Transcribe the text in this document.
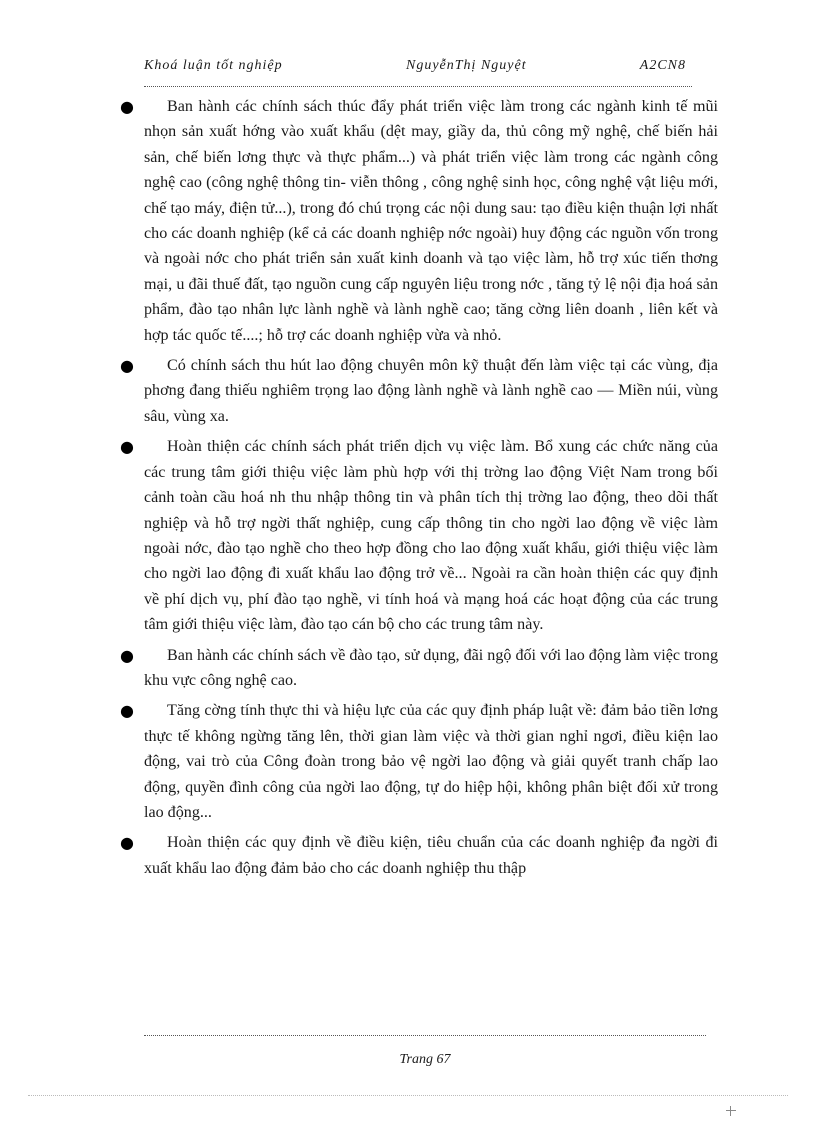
Khoá luận tốt nghiệp	NguyễnThị Nguyệt	A2CN8
●	Ban hành các chính sách thúc đẩy phát triển việc làm trong các ngành kinh tế mũi nhọn sản xuất hớng vào xuất khẩu (dệt may, giầy da, thủ công mỹ nghệ, chế biến hải sản, chế biến lơng thực và thực phẩm...) và phát triển việc làm trong các ngành công nghệ cao (công nghệ thông tin- viễn thông , công nghệ sinh học, công nghệ vật liệu mới, chế tạo máy, điện tử...), trong đó chú trọng các nội dung sau: tạo điều kiện thuận lợi nhất cho các doanh nghiệp (kể cả các doanh nghiệp nớc ngoài) huy động các nguồn vốn trong và ngoài nớc cho phát triển sản xuất kinh doanh và tạo việc làm, hỗ trợ xúc tiến thơng mại, u đãi thuế đất, tạo nguồn cung cấp nguyên liệu trong nớc , tăng tỷ lệ nội địa hoá sản phẩm, đào tạo nhân lực lành nghề và lành nghề cao; tăng cờng liên doanh , liên kết và hợp tác quốc tế....; hỗ trợ các doanh nghiệp vừa và nhỏ.

●	Có chính sách thu hút lao động chuyên môn kỹ thuật đến làm việc tại các vùng, địa phơng đang thiếu nghiêm trọng lao động lành nghề và lành nghề cao — Miền núi, vùng sâu, vùng xa.

●	Hoàn thiện các chính sách phát triển dịch vụ việc làm. Bổ xung các chức năng của các trung tâm giới thiệu việc làm phù hợp với thị trờng lao động Việt Nam trong bối cảnh toàn cầu hoá nh thu nhập thông tin và phân tích thị trờng lao động, theo dõi thất nghiệp và hỗ trợ ngời thất nghiệp, cung cấp thông tin cho ngời lao động về việc làm ngoài nớc, đào tạo nghề cho theo hợp đồng cho lao động xuất khẩu, giới thiệu việc làm cho ngời lao động đi xuất khẩu lao động trở về... Ngoài ra cần hoàn thiện các quy định về phí dịch vụ, phí đào tạo nghề, vi tính hoá và mạng hoá các hoạt động của các trung tâm giới thiệu việc làm, đào tạo cán bộ cho các trung tâm này.

●	Ban hành các chính sách về đào tạo, sử dụng, đãi ngộ đối với lao động làm việc trong khu vực công nghệ cao.

●	Tăng cờng tính thực thi và hiệu lực của các quy định pháp luật về: đảm bảo tiền lơng thực tế không ngừng tăng lên, thời gian làm việc và thời gian nghỉ ngơi, điều kiện lao động, vai trò của Công đoàn trong bảo vệ ngời lao động và giải quyết tranh chấp lao động, quyền đình công của ngời lao động, tự do hiệp hội, không phân biệt đối xử trong lao động...

●	Hoàn thiện các quy định về điều kiện, tiêu chuẩn của các doanh nghiệp đa ngời đi xuất khẩu lao động đảm bảo cho các doanh nghiệp thu thập

Trang 67
